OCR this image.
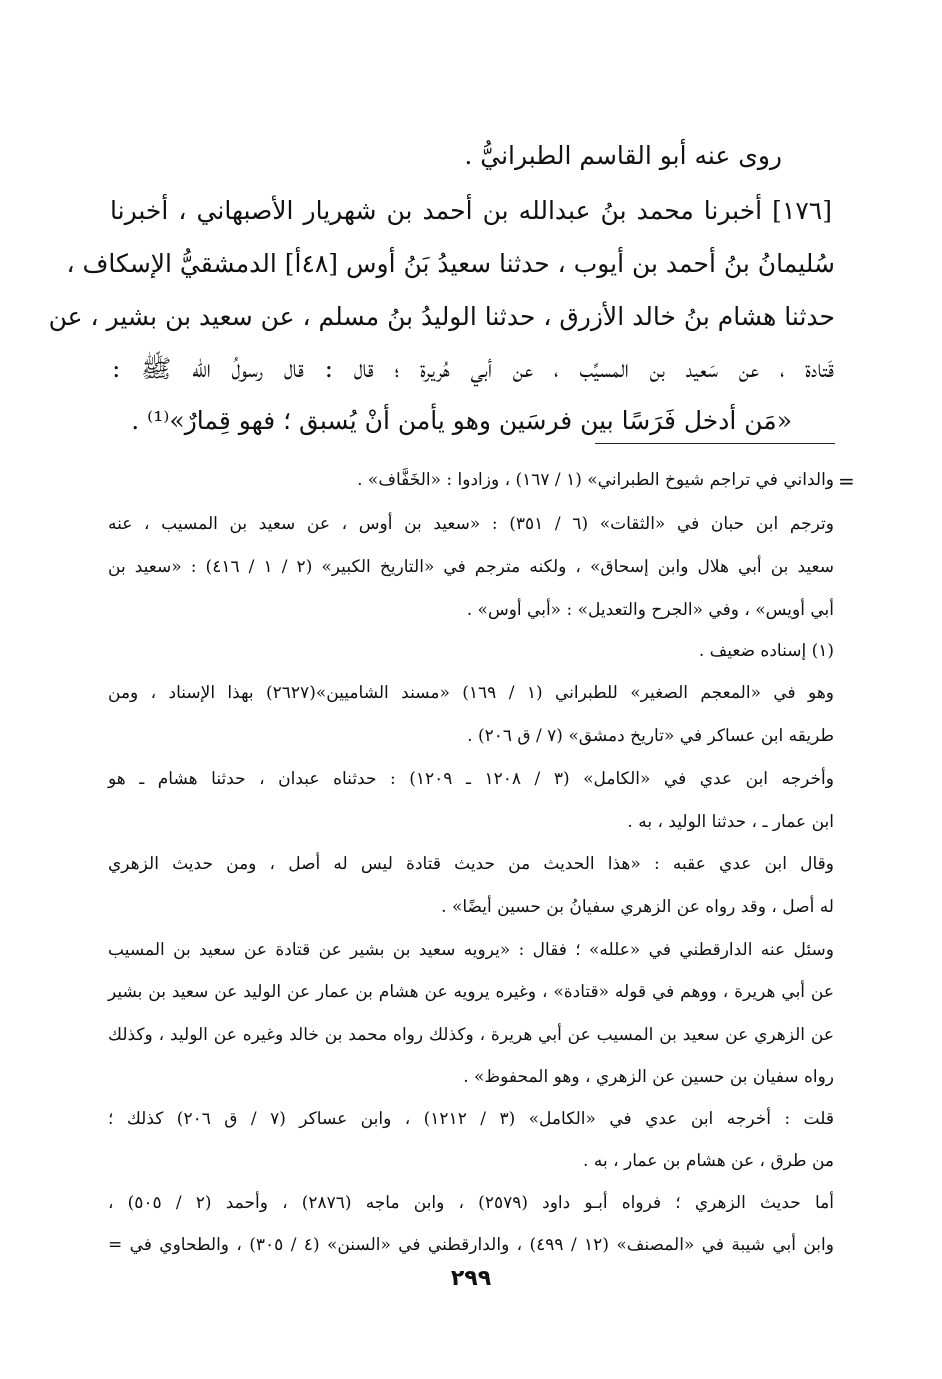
روى عنه أبو القاسم الطبرانيُّ .
[١٧٦] أخبرنا محمد بنُ عبدالله بن أحمد بن شهريار الأصبهاني ، أخبرنا
سُليمانُ بنُ أحمد بن أيوب ، حدثنا سعيدُ بَنُ أوس [٤٨أ] الدمشقيُّ الإسكاف ،
حدثنا هشام بنُ خالد الأزرق ، حدثنا الوليدُ بنُ مسلم ، عن سعيد بن بشير ، عن
قَتادة ، عن سَعيد بن المسيِّب ، عن أبي هُريرة ؛ قال : قال رسولُ الله ﷺ :
«مَن أدخل فَرَسًا بين فرسَين وهو يأمن أنْ يُسبق ؛ فهو قِمارٌ»⁽¹⁾ .
=
والداني في تراجم شيوخ الطبراني» (١ / ١٦٧) ، وزادوا : «الخَفَّاف» .
وترجم ابن حبان في «الثقات» (٦ / ٣٥١) : «سعيد بن أوس ، عن سعيد بن المسيب ، عنه
سعيد بن أبي هلال وابن إسحاق» ، ولكنه مترجم في «التاريخ الكبير» (٢ / ١ / ٤١٦) : «سعيد بن
أبي أويس» ، وفي «الجرح والتعديل» : «أبي أوس» .
(١) إسناده ضعيف .
وهو في «المعجم الصغير» للطبراني (١ / ١٦٩) «مسند الشاميين»(٢٦٢٧) بهذا الإسناد ، ومن
طريقه ابن عساكر في «تاريخ دمشق» (٧ / ق ٢٠٦) .
وأخرجه ابن عدي في «الكامل» (٣ / ١٢٠٨ ـ ١٢٠٩) : حدثناه عبدان ، حدثنا هشام ـ هو
ابن عمار ـ ، حدثنا الوليد ، به .
وقال ابن عدي عقبه : «هذا الحديث من حديث قتادة ليس له أصل ، ومن حديث الزهري
له أصل ، وقد رواه عن الزهري سفيانُ بن حسين أيضًا» .
وسئل عنه الدارقطني في «علله» ؛ فقال : «يرويه سعيد بن بشير عن قتادة عن سعيد بن المسيب
عن أبي هريرة ، ووهم في قوله «قتادة» ، وغيره يرويه عن هشام بن عمار عن الوليد عن سعيد بن بشير
عن الزهري عن سعيد بن المسيب عن أبي هريرة ، وكذلك رواه محمد بن خالد وغيره عن الوليد ، وكذلك
رواه سفيان بن حسين عن الزهري ، وهو المحفوظ» .
قلت : أخرجه ابن عدي في «الكامل» (٣ / ١٢١٢) ، وابن عساكر (٧ / ق ٢٠٦) كذلك ؛
من طرق ، عن هشام بن عمار ، به .
أما حديث الزهري ؛ فرواه أبـو داود (٢٥٧٩) ، وابن ماجه (٢٨٧٦) ، وأحمد (٢ / ٥٠٥) ،
وابن أبي شيبة في «المصنف» (١٢ / ٤٩٩) ، والدارقطني في «السنن» (٤ / ٣٠٥) ، والطحاوي في =
٢٩٩
